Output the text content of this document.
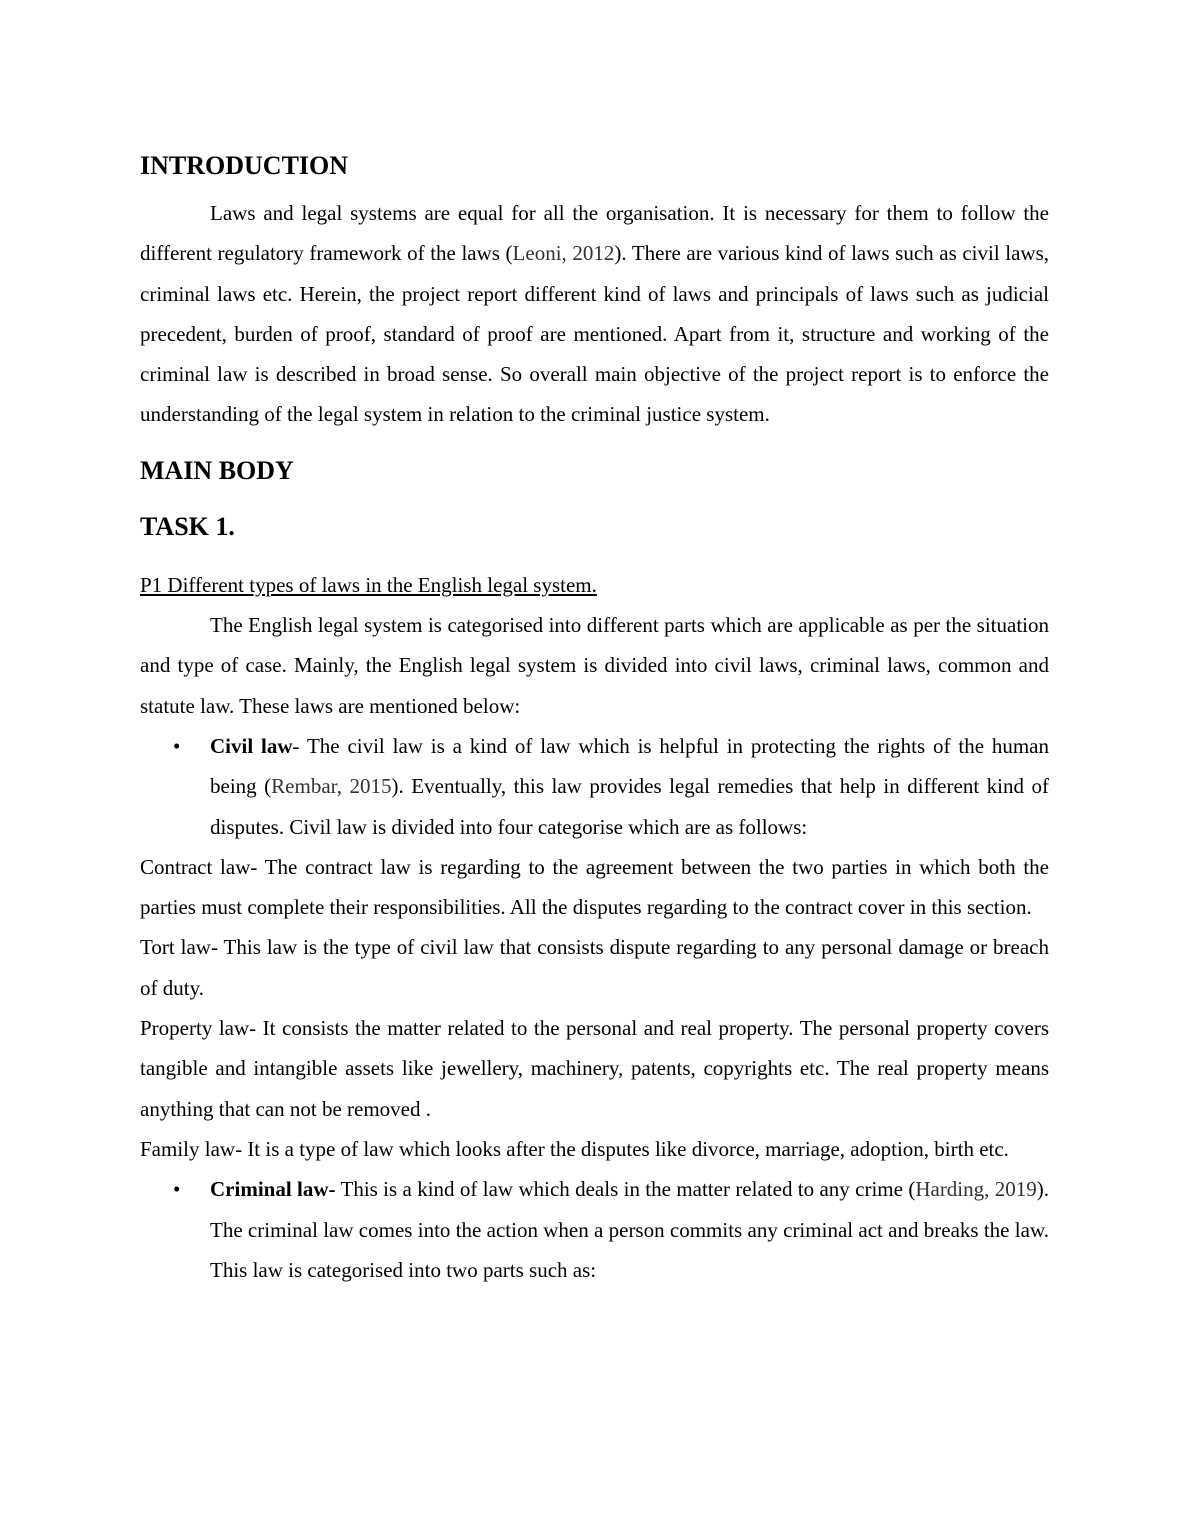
INTRODUCTION

Laws and legal systems are equal for all the organisation. It is necessary for them to follow the different regulatory framework of the laws (Leoni, 2012). There are various kind of laws such as civil laws, criminal laws etc. Herein, the project report different kind of laws and principals of laws such as judicial precedent, burden of proof, standard of proof are mentioned. Apart from it, structure and working of the criminal law is described in broad sense. So overall main objective of the project report is to enforce the understanding of the legal system in relation to the criminal justice system.

MAIN BODY
TASK 1.
P1 Different types of laws in the English legal system.

The English legal system is categorised into different parts which are applicable as per the situation and type of case. Mainly, the English legal system is divided into civil laws, criminal laws, common and statute law. These laws are mentioned below:

• Civil law- The civil law is a kind of law which is helpful in protecting the rights of the human being (Rembar, 2015). Eventually, this law provides legal remedies that help in different kind of disputes. Civil law is divided into four categorise which are as follows:

Contract law- The contract law is regarding to the agreement between the two parties in which both the parties must complete their responsibilities. All the disputes regarding to the contract cover in this section.

Tort law- This law is the type of civil law that consists dispute regarding to any personal damage or breach of duty.

Property law- It consists the matter related to the personal and real property. The personal property covers tangible and intangible assets like jewellery, machinery, patents, copyrights etc. The real property means anything that can not be removed .

Family law- It is a type of law which looks after the disputes like divorce, marriage, adoption, birth etc.

• Criminal law- This is a kind of law which deals in the matter related to any crime (Harding, 2019). The criminal law comes into the action when a person commits any criminal act and breaks the law. This law is categorised into two parts such as:
